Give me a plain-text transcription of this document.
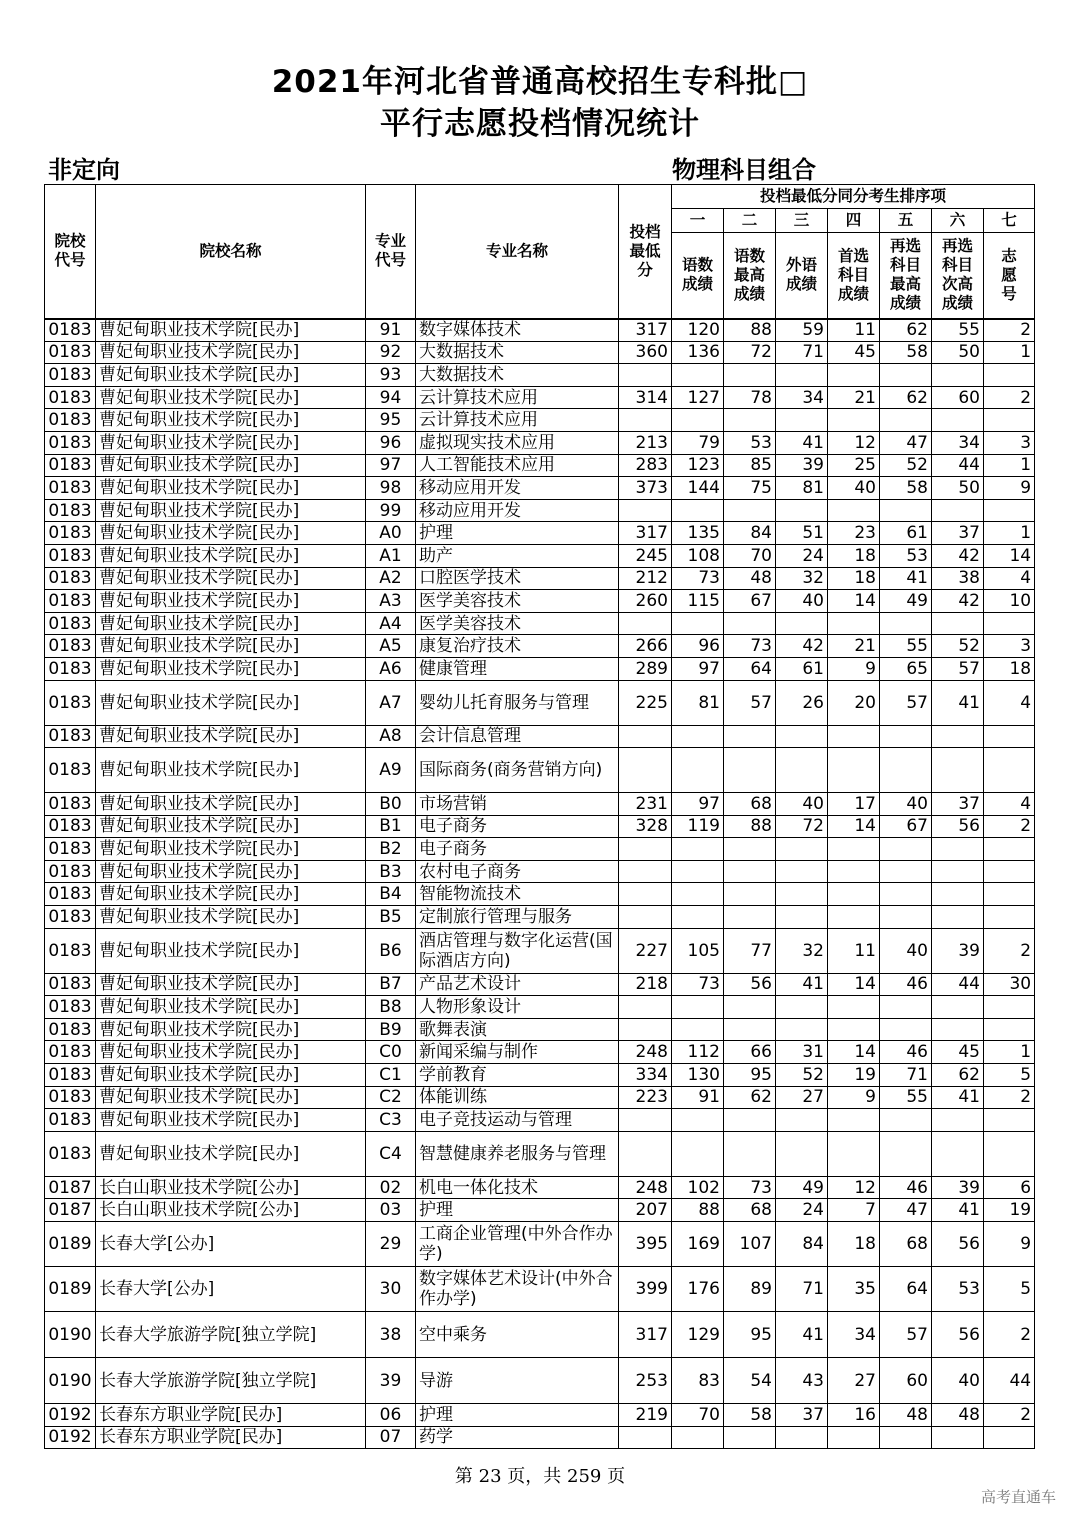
2021年河北省普通高校招生专科批□
平行志愿投档情况统计
非定向	物理科目组合
院校代号	院校名称	专业代号	专业名称	投档最低分	投档最低分同分考生排序项						
					一	二	三	四	五	六	七
					语数成绩	语数最高成绩	外语成绩	首选科目成绩	再选科目最高成绩	再选科目次高成绩	志愿号
0183	曹妃甸职业技术学院[民办]	91	数字媒体技术	317	120	88	59	11	62	55	2
0183	曹妃甸职业技术学院[民办]	92	大数据技术	360	136	72	71	45	58	50	1
0183	曹妃甸职业技术学院[民办]	93	大数据技术								
0183	曹妃甸职业技术学院[民办]	94	云计算技术应用	314	127	78	34	21	62	60	2
0183	曹妃甸职业技术学院[民办]	95	云计算技术应用								
0183	曹妃甸职业技术学院[民办]	96	虚拟现实技术应用	213	79	53	41	12	47	34	3
0183	曹妃甸职业技术学院[民办]	97	人工智能技术应用	283	123	85	39	25	52	44	1
0183	曹妃甸职业技术学院[民办]	98	移动应用开发	373	144	75	81	40	58	50	9
0183	曹妃甸职业技术学院[民办]	99	移动应用开发								
0183	曹妃甸职业技术学院[民办]	A0	护理	317	135	84	51	23	61	37	1
0183	曹妃甸职业技术学院[民办]	A1	助产	245	108	70	24	18	53	42	14
0183	曹妃甸职业技术学院[民办]	A2	口腔医学技术	212	73	48	32	18	41	38	4
0183	曹妃甸职业技术学院[民办]	A3	医学美容技术	260	115	67	40	14	49	42	10
0183	曹妃甸职业技术学院[民办]	A4	医学美容技术								
0183	曹妃甸职业技术学院[民办]	A5	康复治疗技术	266	96	73	42	21	55	52	3
0183	曹妃甸职业技术学院[民办]	A6	健康管理	289	97	64	61	9	65	57	18
0183	曹妃甸职业技术学院[民办]	A7	婴幼儿托育服务与管理	225	81	57	26	20	57	41	4
0183	曹妃甸职业技术学院[民办]	A8	会计信息管理								
0183	曹妃甸职业技术学院[民办]	A9	国际商务(商务营销方向)								
0183	曹妃甸职业技术学院[民办]	B0	市场营销	231	97	68	40	17	40	37	4
0183	曹妃甸职业技术学院[民办]	B1	电子商务	328	119	88	72	14	67	56	2
0183	曹妃甸职业技术学院[民办]	B2	电子商务								
0183	曹妃甸职业技术学院[民办]	B3	农村电子商务								
0183	曹妃甸职业技术学院[民办]	B4	智能物流技术								
0183	曹妃甸职业技术学院[民办]	B5	定制旅行管理与服务								
0183	曹妃甸职业技术学院[民办]	B6	酒店管理与数字化运营(国际酒店方向)	227	105	77	32	11	40	39	2
0183	曹妃甸职业技术学院[民办]	B7	产品艺术设计	218	73	56	41	14	46	44	30
0183	曹妃甸职业技术学院[民办]	B8	人物形象设计								
0183	曹妃甸职业技术学院[民办]	B9	歌舞表演								
0183	曹妃甸职业技术学院[民办]	C0	新闻采编与制作	248	112	66	31	14	46	45	1
0183	曹妃甸职业技术学院[民办]	C1	学前教育	334	130	95	52	19	71	62	5
0183	曹妃甸职业技术学院[民办]	C2	体能训练	223	91	62	27	9	55	41	2
0183	曹妃甸职业技术学院[民办]	C3	电子竞技运动与管理								
0183	曹妃甸职业技术学院[民办]	C4	智慧健康养老服务与管理								
0187	长白山职业技术学院[公办]	02	机电一体化技术	248	102	73	49	12	46	39	6
0187	长白山职业技术学院[公办]	03	护理	207	88	68	24	7	47	41	19
0189	长春大学[公办]	29	工商企业管理(中外合作办学)	395	169	107	84	18	68	56	9
0189	长春大学[公办]	30	数字媒体艺术设计(中外合作办学)	399	176	89	71	35	64	53	5
0190	长春大学旅游学院[独立学院]	38	空中乘务	317	129	95	41	34	57	56	2
0190	长春大学旅游学院[独立学院]	39	导游	253	83	54	43	27	60	40	44
0192	长春东方职业学院[民办]	06	护理	219	70	58	37	16	48	48	2
0192	长春东方职业学院[民办]	07	药学								
第 23 页，共 259 页
高考直通车
